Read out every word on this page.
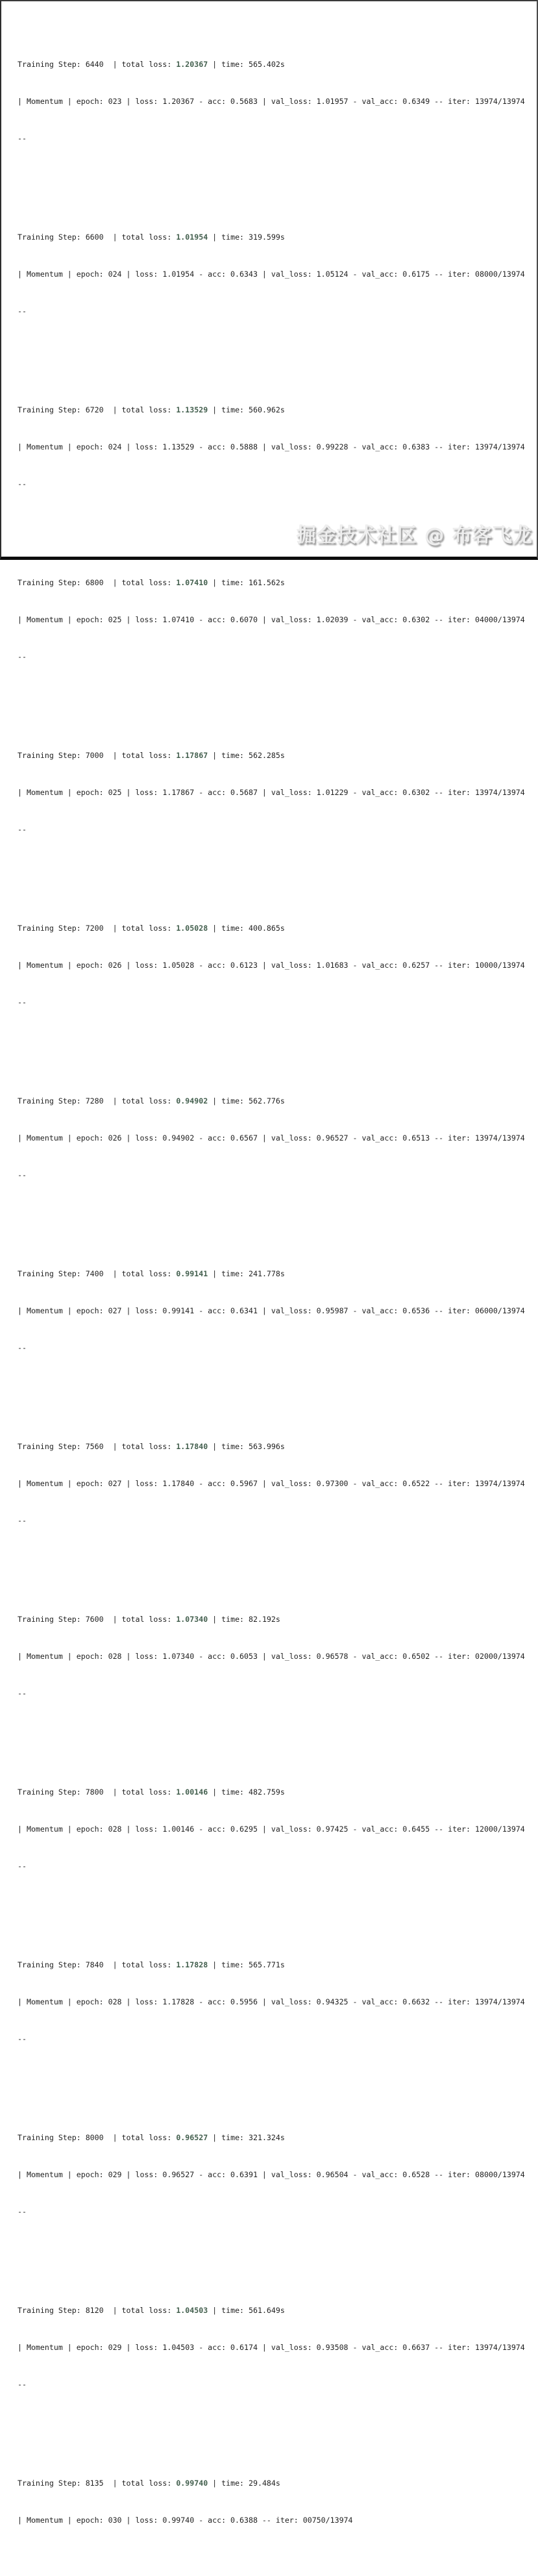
Training Step: 6440  | total loss: 1.20367 | time: 565.402s

| Momentum | epoch: 023 | loss: 1.20367 - acc: 0.5683 | val_loss: 1.01957 - val_acc: 0.6349 -- iter: 13974/13974

--

Training Step: 6600  | total loss: 1.01954 | time: 319.599s

| Momentum | epoch: 024 | loss: 1.01954 - acc: 0.6343 | val_loss: 1.05124 - val_acc: 0.6175 -- iter: 08000/13974

--

Training Step: 6720  | total loss: 1.13529 | time: 560.962s

| Momentum | epoch: 024 | loss: 1.13529 - acc: 0.5888 | val_loss: 0.99228 - val_acc: 0.6383 -- iter: 13974/13974

--

Training Step: 6800  | total loss: 1.07410 | time: 161.562s

| Momentum | epoch: 025 | loss: 1.07410 - acc: 0.6070 | val_loss: 1.02039 - val_acc: 0.6302 -- iter: 04000/13974

--

Training Step: 7000  | total loss: 1.17867 | time: 562.285s

| Momentum | epoch: 025 | loss: 1.17867 - acc: 0.5687 | val_loss: 1.01229 - val_acc: 0.6302 -- iter: 13974/13974

--

Training Step: 7200  | total loss: 1.05028 | time: 400.865s

| Momentum | epoch: 026 | loss: 1.05028 - acc: 0.6123 | val_loss: 1.01683 - val_acc: 0.6257 -- iter: 10000/13974

--

Training Step: 7280  | total loss: 0.94902 | time: 562.776s

| Momentum | epoch: 026 | loss: 0.94902 - acc: 0.6567 | val_loss: 0.96527 - val_acc: 0.6513 -- iter: 13974/13974

--

Training Step: 7400  | total loss: 0.99141 | time: 241.778s

| Momentum | epoch: 027 | loss: 0.99141 - acc: 0.6341 | val_loss: 0.95987 - val_acc: 0.6536 -- iter: 06000/13974

--

Training Step: 7560  | total loss: 1.17840 | time: 563.996s

| Momentum | epoch: 027 | loss: 1.17840 - acc: 0.5967 | val_loss: 0.97300 - val_acc: 0.6522 -- iter: 13974/13974

--

Training Step: 7600  | total loss: 1.07340 | time: 82.192s

| Momentum | epoch: 028 | loss: 1.07340 - acc: 0.6053 | val_loss: 0.96578 - val_acc: 0.6502 -- iter: 02000/13974

--

Training Step: 7800  | total loss: 1.00146 | time: 482.759s

| Momentum | epoch: 028 | loss: 1.00146 - acc: 0.6295 | val_loss: 0.97425 - val_acc: 0.6455 -- iter: 12000/13974

--

Training Step: 7840  | total loss: 1.17828 | time: 565.771s

| Momentum | epoch: 028 | loss: 1.17828 - acc: 0.5956 | val_loss: 0.94325 - val_acc: 0.6632 -- iter: 13974/13974

--

Training Step: 8000  | total loss: 0.96527 | time: 321.324s

| Momentum | epoch: 029 | loss: 0.96527 - acc: 0.6391 | val_loss: 0.96504 - val_acc: 0.6528 -- iter: 08000/13974

--

Training Step: 8120  | total loss: 1.04503 | time: 561.649s

| Momentum | epoch: 029 | loss: 1.04503 - acc: 0.6174 | val_loss: 0.93508 - val_acc: 0.6637 -- iter: 13974/13974

--

Training Step: 8135  | total loss: 0.99740 | time: 29.484s

| Momentum | epoch: 030 | loss: 0.99740 - acc: 0.6388 -- iter: 00750/13974

掘金技术社区 @ 布客飞龙
